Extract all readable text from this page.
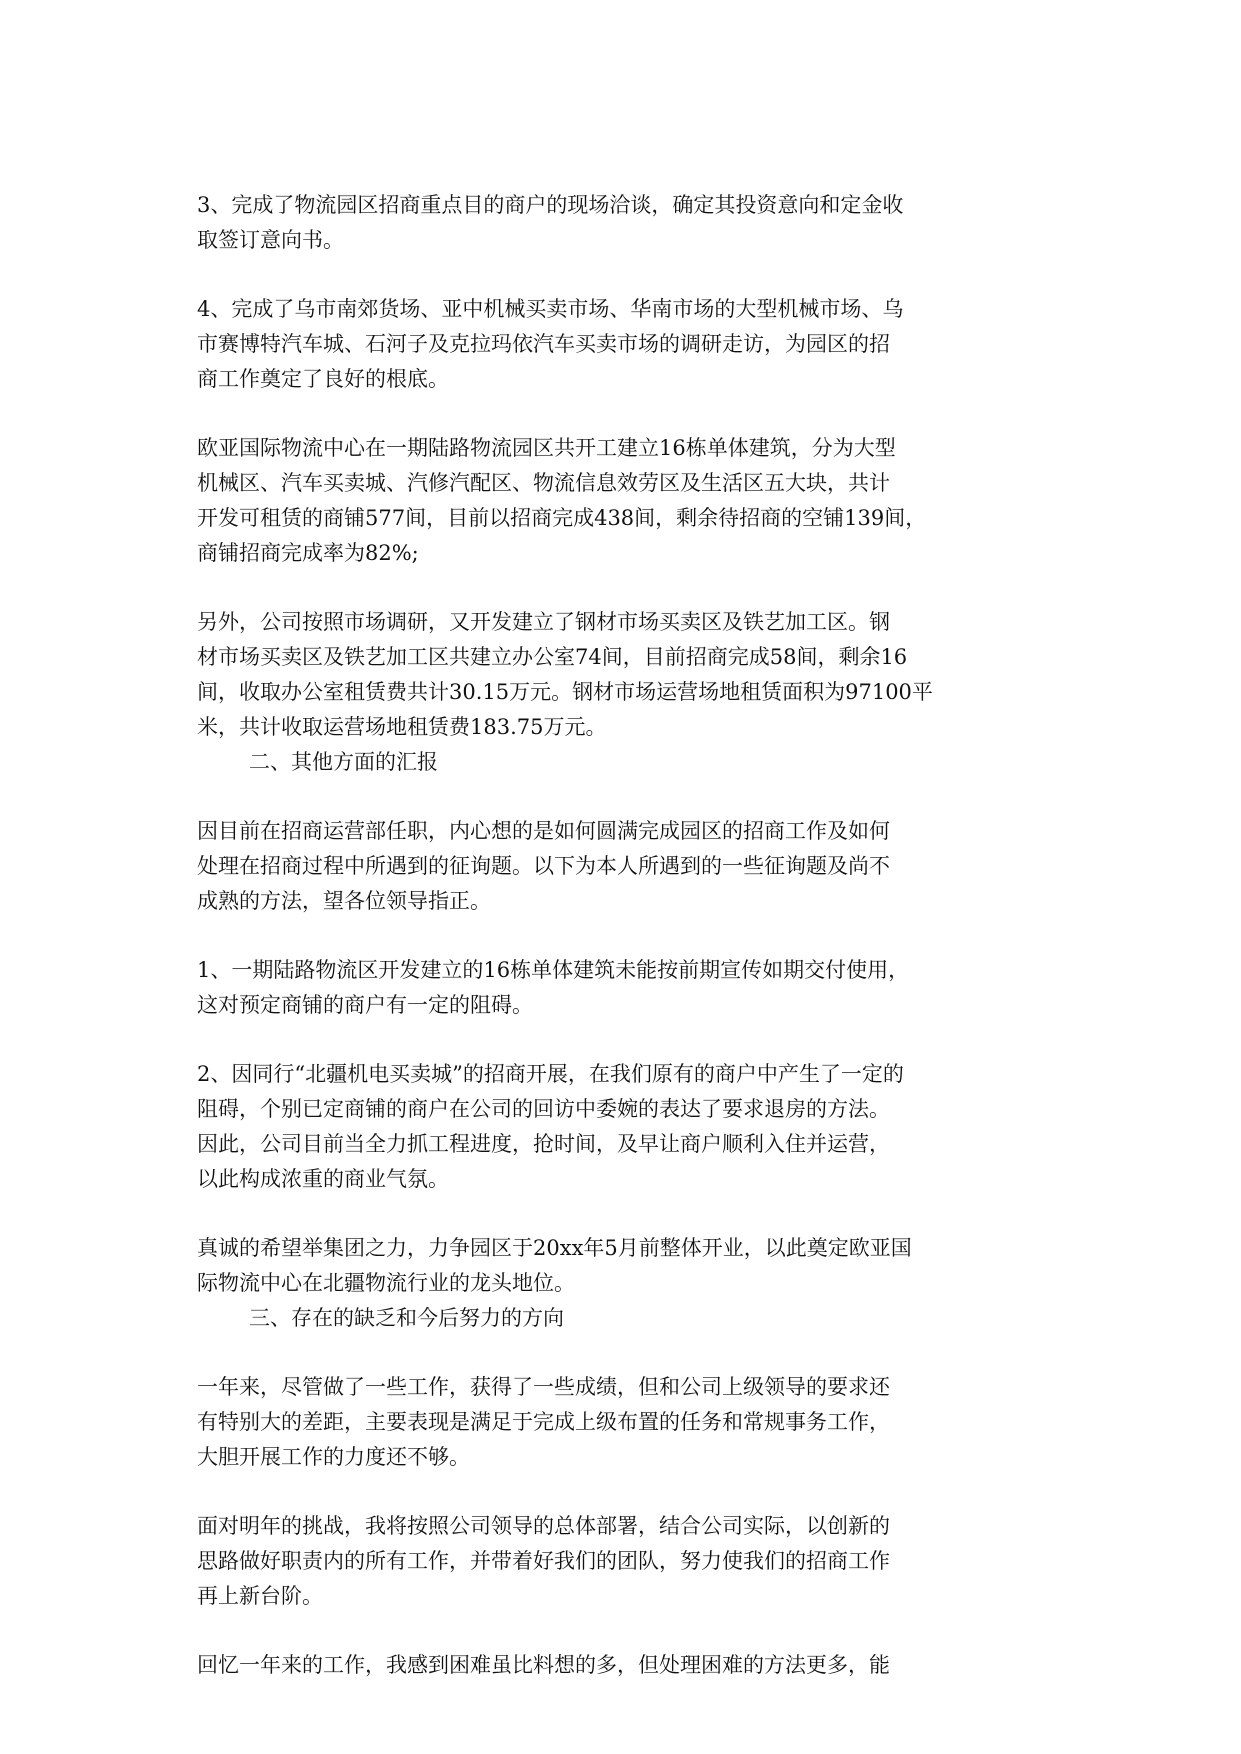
3、完成了物流园区招商重点目的商户的现场洽谈，确定其投资意向和定金收
取签订意向书。

4、完成了乌市南郊货场、亚中机械买卖市场、华南市场的大型机械市场、乌
市赛博特汽车城、石河子及克拉玛依汽车买卖市场的调研走访，为园区的招
商工作奠定了良好的根底。

欧亚国际物流中心在一期陆路物流园区共开工建立16栋单体建筑，分为大型
机械区、汽车买卖城、汽修汽配区、物流信息效劳区及生活区五大块，共计
开发可租赁的商铺577间，目前以招商完成438间，剩余待招商的空铺139间，
商铺招商完成率为82%;

另外，公司按照市场调研，又开发建立了钢材市场买卖区及铁艺加工区。钢
材市场买卖区及铁艺加工区共建立办公室74间，目前招商完成58间，剩余16
间，收取办公室租赁费共计30.15万元。钢材市场运营场地租赁面积为97100平
米，共计收取运营场地租赁费183.75万元。

二、其他方面的汇报

因目前在招商运营部任职，内心想的是如何圆满完成园区的招商工作及如何
处理在招商过程中所遇到的征询题。以下为本人所遇到的一些征询题及尚不
成熟的方法，望各位领导指正。

1、一期陆路物流区开发建立的16栋单体建筑未能按前期宣传如期交付使用，
这对预定商铺的商户有一定的阻碍。

2、因同行“北疆机电买卖城”的招商开展，在我们原有的商户中产生了一定的
阻碍，个别已定商铺的商户在公司的回访中委婉的表达了要求退房的方法。
因此，公司目前当全力抓工程进度，抢时间，及早让商户顺利入住并运营，
以此构成浓重的商业气氛。

真诚的希望举集团之力，力争园区于20xx年5月前整体开业，以此奠定欧亚国
际物流中心在北疆物流行业的龙头地位。

三、存在的缺乏和今后努力的方向

一年来，尽管做了一些工作，获得了一些成绩，但和公司上级领导的要求还
有特别大的差距，主要表现是满足于完成上级布置的任务和常规事务工作，
大胆开展工作的力度还不够。

面对明年的挑战，我将按照公司领导的总体部署，结合公司实际，以创新的
思路做好职责内的所有工作，并带着好我们的团队，努力使我们的招商工作
再上新台阶。

回忆一年来的工作，我感到困难虽比料想的多，但处理困难的方法更多，能
